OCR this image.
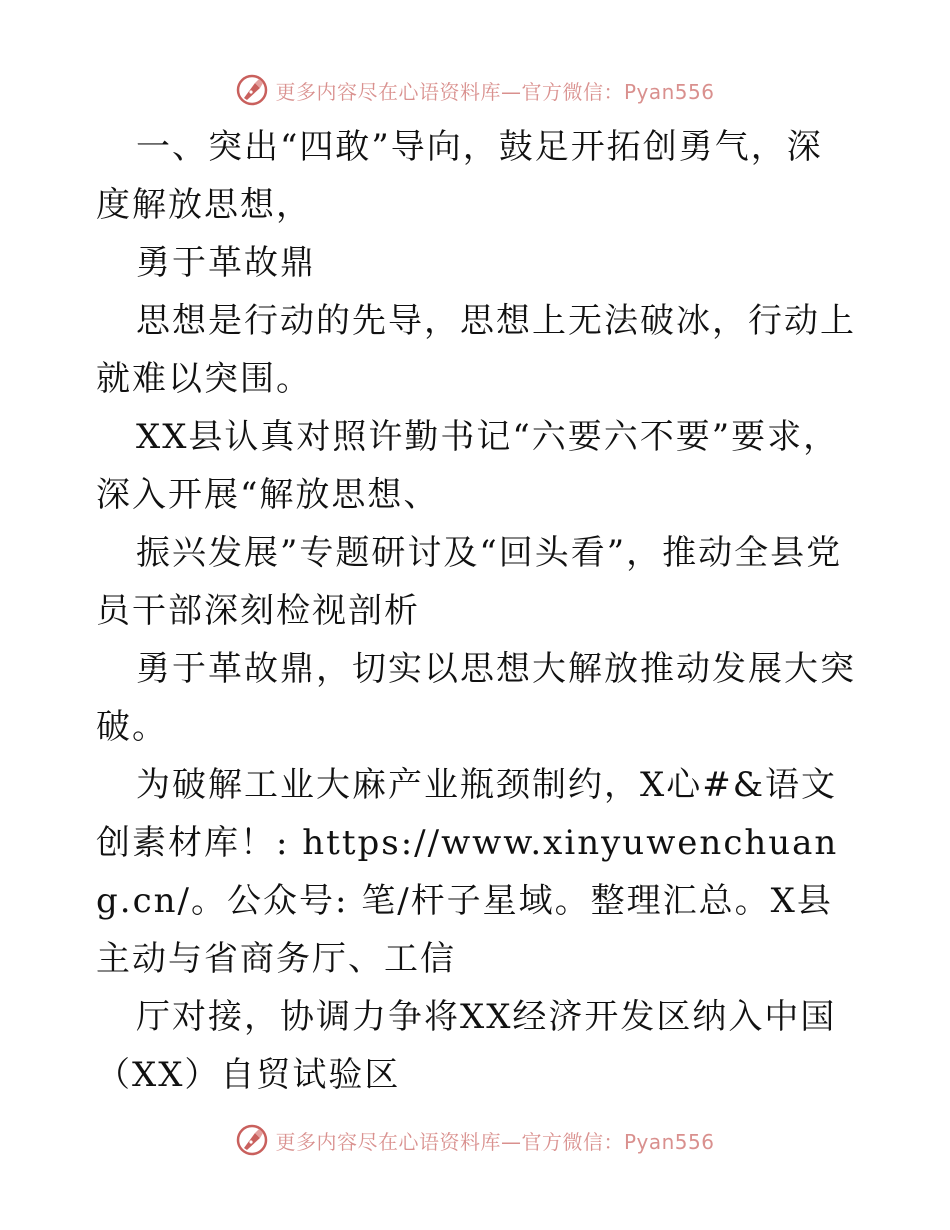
更多内容尽在心语资料库—官方微信：Pyan556

一、突出“四敢”导向，鼓足开拓创勇气，深度解放思想，

勇于革故鼎

思想是行动的先导，思想上无法破冰，行动上就难以突围。

XX县认真对照许勤书记“六要六不要”要求，深入开展“解放思想、

振兴发展”专题研讨及“回头看”，推动全县党员干部深刻检视剖析

勇于革故鼎，切实以思想大解放推动发展大突破。

为破解工业大麻产业瓶颈制约，X心#&语文创素材库！: https://www.xinyuwenchuang.cn/。公众号: 笔/杆子星域。整理汇总。X县主动与省商务厅、工信

厅对接，协调力争将XX经济开发区纳入中国（XX）自贸试验区

更多内容尽在心语资料库—官方微信：Pyan556
